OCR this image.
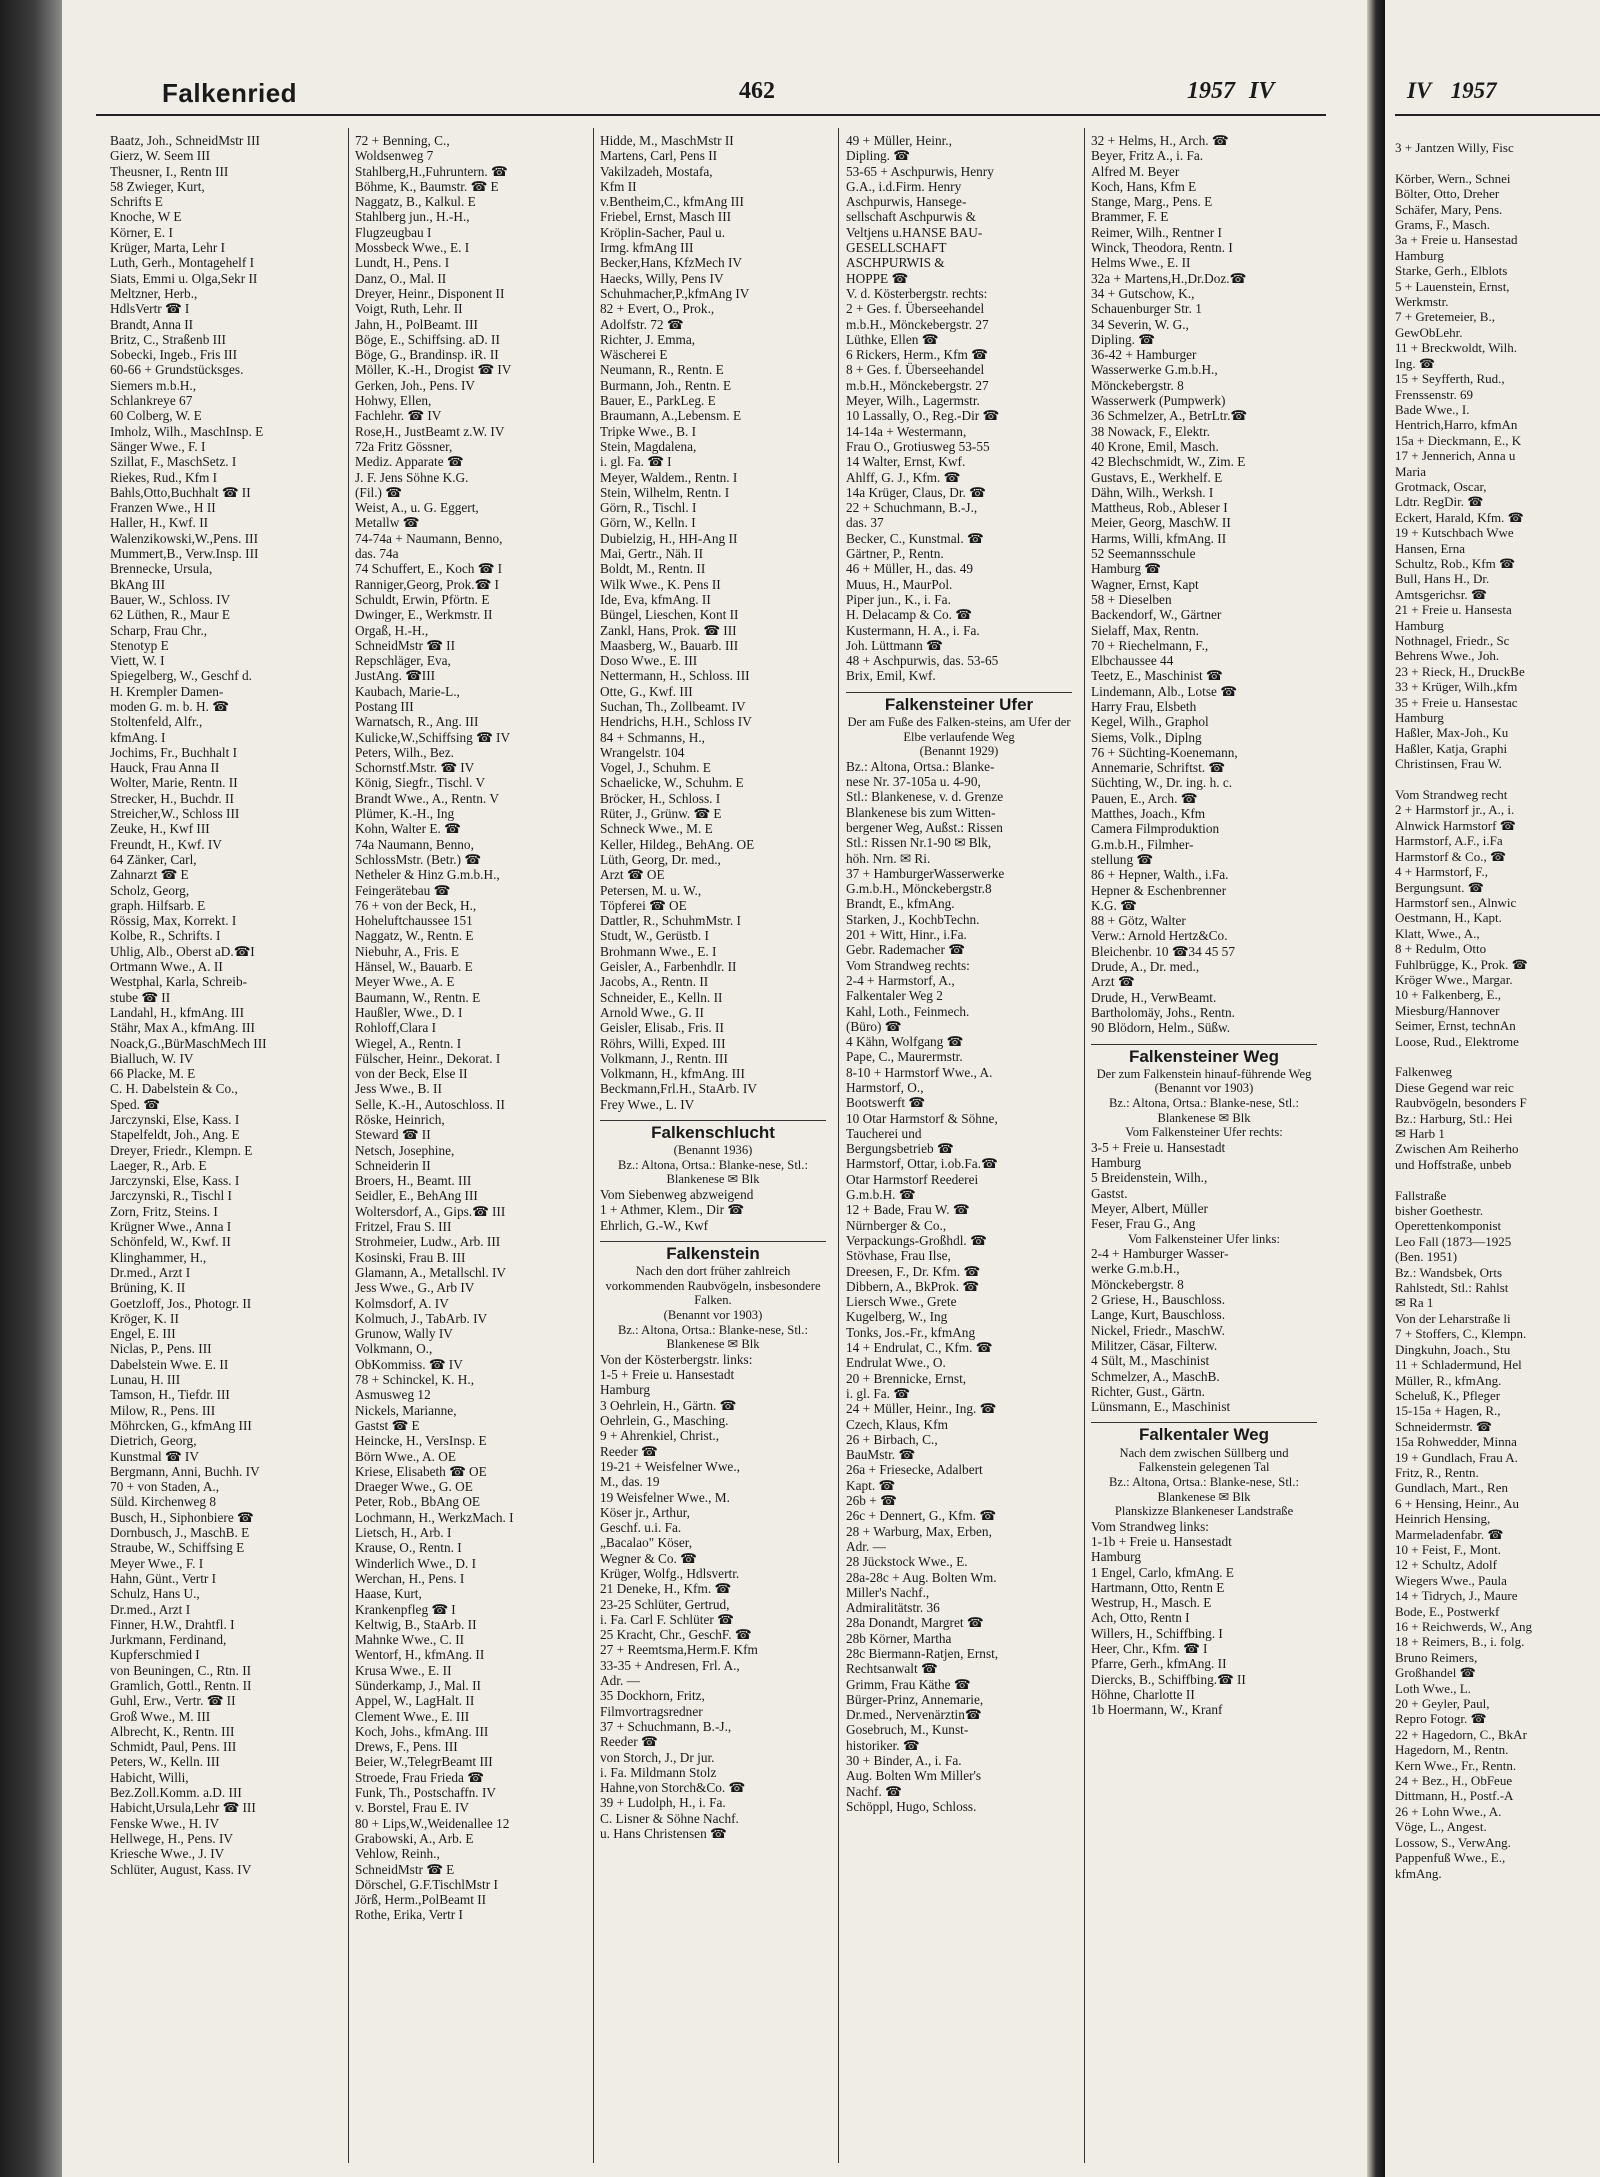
Falkenried	462	1957 IV
Baatz, Joh., SchneidMstr III
Gierz, W. Seem III
Theusner, I., Rentn III
58 Zwieger, Kurt,
Schrifts E
Knoche, W E
Körner, E. I
Krüger, Marta, Lehr I
Luth, Gerh., Montagehelf I
Siats, Emmi u. Olga,Sekr II
Meltzner, Herb.,
HdlsVertr ☎ I
Brandt, Anna II
Britz, C., Straßenb III
Sobecki, Ingeb., Fris III
60-66 + Grundstücksges.
Siemers m.b.H.,
Schlankreye 67
60 Colberg, W. E
Imholz, Wilh., MaschInsp. E
Sänger Wwe., F. I
Szillat, F., MaschSetz. I
Riekes, Rud., Kfm I
Bahls,Otto,Buchhalt ☎ II
Franzen Wwe., H II
Haller, H., Kwf. II
Walenzikowski,W.,Pens. III
Mummert,B., Verw.Insp. III
Brennecke, Ursula,
BkAng III
Bauer, W., Schloss. IV
62 Lüthen, R., Maur E
Scharp, Frau Chr.,
Stenotyp E
Viett, W. I
Spiegelberg, W., Geschf d.
H. Krempler Damen-
moden G. m. b. H. ☎
Stoltenfeld, Alfr.,
kfmAng. I
Jochims, Fr., Buchhalt I
Hauck, Frau Anna II
Wolter, Marie, Rentn. II
Strecker, H., Buchdr. II
Streicher,W., Schloss III
Zeuke, H., Kwf III
Freundt, H., Kwf. IV
64 Zänker, Carl,
Zahnarzt ☎ E
Scholz, Georg,
graph. Hilfsarb. E
Rössig, Max, Korrekt. I
Kolbe, R., Schrifts. I
Uhlig, Alb., Oberst aD.☎I
Ortmann Wwe., A. II
Westphal, Karla, Schreib-
stube ☎ II
Landahl, H., kfmAng. III
Stähr, Max A., kfmAng. III
Noack,G.,BürMaschMech III
Bialluch, W. IV
66 Placke, M. E
C. H. Dabelstein & Co.,
Sped. ☎
Jarczynski, Else, Kass. I
Stapelfeldt, Joh., Ang. E
Dreyer, Friedr., Klempn. E
Laeger, R., Arb. E
Jarczynski, Else, Kass. I
Jarczynski, R., Tischl I
Zorn, Fritz, Steins. I
Krügner Wwe., Anna I
Schönfeld, W., Kwf. II
Klinghammer, H.,
Dr.med., Arzt I
Brüning, K. II
Goetzloff, Jos., Photogr. II
Kröger, K. II
Engel, E. III
Niclas, P., Pens. III
Dabelstein Wwe. E. II
Lunau, H. III
Tamson, H., Tiefdr. III
Milow, R., Pens. III
Möhrcken, G., kfmAng III
Dietrich, Georg,
Kunstmal ☎ IV
Bergmann, Anni, Buchh. IV
70 + von Staden, A.,
Süld. Kirchenweg 8
Busch, H., Siphonbiere ☎
Dornbusch, J., MaschB. E
Straube, W., Schiffsing E
Meyer Wwe., F. I
Hahn, Günt., Vertr I
Schulz, Hans U.,
Dr.med., Arzt I
Finner, H.W., Drahtfl. I
Jurkmann, Ferdinand,
Kupferschmied I
von Beuningen, C., Rtn. II
Gramlich, Gottl., Rentn. II
Guhl, Erw., Vertr. ☎ II
Groß Wwe., M. III
Albrecht, K., Rentn. III
Schmidt, Paul, Pens. III
Peters, W., Kelln. III
Habicht, Willi,
Bez.Zoll.Komm. a.D. III
Habicht,Ursula,Lehr ☎ III
Fenske Wwe., H. IV
Hellwege, H., Pens. IV
Kriesche Wwe., J. IV
Schlüter, August, Kass. IV
72 + Benning, C.,
Woldsenweg 7
Stahlberg,H.,Fuhruntern. ☎
Böhme, K., Baumstr. ☎ E
Naggatz, B., Kalkul. E
Stahlberg jun., H.-H.,
Flugzeugbau I
Mossbeck Wwe., E. I
Lundt, H., Pens. I
Danz, O., Mal. II
Dreyer, Heinr., Disponent II
Voigt, Ruth, Lehr. II
Jahn, H., PolBeamt. III
Böge, E., Schiffsing. aD. II
Böge, G., Brandinsp. iR. II
Möller, K.-H., Drogist ☎ IV
Gerken, Joh., Pens. IV
Hohwy, Ellen,
Fachlehr. ☎ IV
Rose,H., JustBeamt z.W. IV
72a Fritz Gössner,
Mediz. Apparate ☎
J. F. Jens Söhne K.G.
(Fil.) ☎
Weist, A., u. G. Eggert,
Metallw ☎
74-74a + Naumann, Benno,
das. 74a
74 Schuffert, E., Koch ☎ I
Ranniger,Georg, Prok.☎ I
Schuldt, Erwin, Pförtn. E
Dwinger, E., Werkmstr. II
Orgaß, H.-H.,
SchneidMstr ☎ II
Repschläger, Eva,
JustAng. ☎III
Kaubach, Marie-L.,
Postang III
Warnatsch, R., Ang. III
Kulicke,W.,Schiffsing ☎ IV
Peters, Wilh., Bez.
Schornstf.Mstr. ☎ IV
König, Siegfr., Tischl. V
Brandt Wwe., A., Rentn. V
Plümer, K.-H., Ing
Kohn, Walter E. ☎
74a Naumann, Benno,
SchlossMstr. (Betr.) ☎
Netheler & Hinz G.m.b.H.,
Feingerätebau ☎
76 + von der Beck, H.,
Hoheluftchaussee 151
Naggatz, W., Rentn. E
Niebuhr, A., Fris. E
Hänsel, W., Bauarb. E
Meyer Wwe., A. E
Baumann, W., Rentn. E
Haußler, Wwe., D. I
Rohloff,Clara I
Wiegel, A., Rentn. I
Fülscher, Heinr., Dekorat. I
von der Beck, Else II
Jess Wwe., B. II
Selle, K.-H., Autoschloss. II
Röske, Heinrich,
Steward ☎ II
Netsch, Josephine,
Schneiderin II
Broers, H., Beamt. III
Seidler, E., BehAng III
Woltersdorf, A., Gips.☎ III
Fritzel, Frau S. III
Strohmeier, Ludw., Arb. III
Kosinski, Frau B. III
Glamann, A., Metallschl. IV
Jess Wwe., G., Arb IV
Kolmsdorf, A. IV
Kolmuch, J., TabArb. IV
Grunow, Wally IV
Volkmann, O.,
ObKommiss. ☎ IV
78 + Schinckel, K. H.,
Asmusweg 12
Nickels, Marianne,
Gastst ☎ E
Heincke, H., VersInsp. E
Börn Wwe., A. OE
Kriese, Elisabeth ☎ OE
Draeger Wwe., G. OE
Peter, Rob., BbAng OE
Lochmann, H., WerkzMach. I
Lietsch, H., Arb. I
Krause, O., Rentn. I
Winderlich Wwe., D. I
Werchan, H., Pens. I
Haase, Kurt,
Krankenpfleg ☎ I
Keltwig, B., StaArb. II
Mahnke Wwe., C. II
Wentorf, H., kfmAng. II
Krusa Wwe., E. II
Sünderkamp, J., Mal. II
Appel, W., LagHalt. II
Clement Wwe., E. III
Koch, Johs., kfmAng. III
Drews, F., Pens. III
Beier, W.,TelegrBeamt III
Stroede, Frau Frieda ☎
Funk, Th., Postschaffn. IV
v. Borstel, Frau E. IV
80 + Lips,W.,Weidenallee 12
Grabowski, A., Arb. E
Vehlow, Reinh.,
SchneidMstr ☎ E
Dörschel, G.F.TischlMstr I
Jörß, Herm.,PolBeamt II
Rothe, Erika, Vertr I
Hidde, M., MaschMstr II
Martens, Carl, Pens II
Vakilzadeh, Mostafa,
Kfm II
v.Bentheim,C., kfmAng III
Friebel, Ernst, Masch III
Kröplin-Sacher, Paul u.
Irmg. kfmAng III
Becker,Hans, KfzMech IV
Haecks, Willy, Pens IV
Schuhmacher,P.,kfmAng IV
82 + Evert, O., Prok.,
Adolfstr. 72 ☎
Richter, J. Emma,
Wäscherei E
Neumann, R., Rentn. E
Burmann, Joh., Rentn. E
Bauer, E., ParkLeg. E
Braumann, A.,Lebensm. E
Tripke Wwe., B. I
Stein, Magdalena,
i. gl. Fa. ☎ I
Meyer, Waldem., Rentn. I
Stein, Wilhelm, Rentn. I
Görn, R., Tischl. I
Görn, W., Kelln. I
Dubielzig, H., HH-Ang II
Mai, Gertr., Näh. II
Boldt, M., Rentn. II
Wilk Wwe., K. Pens II
Ide, Eva, kfmAng. II
Büngel, Lieschen, Kont II
Zankl, Hans, Prok. ☎ III
Maasberg, W., Bauarb. III
Doso Wwe., E. III
Nettermann, H., Schloss. III
Otte, G., Kwf. III
Suchan, Th., Zollbeamt. IV
Hendrichs, H.H., Schloss IV
84 + Schmanns, H.,
Wrangelstr. 104
Vogel, J., Schuhm. E
Schaelicke, W., Schuhm. E
Bröcker, H., Schloss. I
Rüter, J., Grünw. ☎ E
Schneck Wwe., M. E
Keller, Hildeg., BehAng. OE
Lüth, Georg, Dr. med.,
Arzt ☎ OE
Petersen, M. u. W.,
Töpferei ☎ OE
Dattler, R., SchuhmMstr. I
Studt, W., Gerüstb. I
Brohmann Wwe., E. I
Geisler, A., Farbenhdlr. II
Jacobs, A., Rentn. II
Schneider, E., Kelln. II
Arnold Wwe., G. II
Geisler, Elisab., Fris. II
Röhrs, Willi, Exped. III
Volkmann, J., Rentn. III
Volkmann, H., kfmAng. III
Beckmann,Frl.H., StaArb. IV
Frey Wwe., L. IV
Falkenschlucht
(Benannt 1936)
Bz.: Altona, Ortsa.: Blanke-nese, Stl.: Blankenese ✉ Blk
Vom Siebenweg abzweigend
1 + Athmer, Klem., Dir ☎
Ehrlich, G.-W., Kwf
Falkenstein
Nach den dort früher zahlreich vorkommenden Raubvögeln, insbesondere Falken.
(Benannt vor 1903)
Bz.: Altona, Ortsa.: Blanke-nese, Stl.: Blankenese ✉ Blk
Von der Kösterbergstr. links:
1-5 + Freie u. Hansestadt
Hamburg
3 Oehrlein, H., Gärtn. ☎
Oehrlein, G., Masching.
9 + Ahrenkiel, Christ.,
Reeder ☎
19-21 + Weisfelner Wwe.,
M., das. 19
19 Weisfelner Wwe., M.
Köser jr., Arthur,
Geschf. u.i. Fa.
„Bacalao" Köser,
Wegner & Co. ☎
Krüger, Wolfg., Hdlsvertr.
21 Deneke, H., Kfm. ☎
23-25 Schlüter, Gertrud,
i. Fa. Carl F. Schlüter ☎
25 Kracht, Chr., GeschF. ☎
27 + Reemtsma,Herm.F. Kfm
33-35 + Andresen, Frl. A.,
Adr. —
35 Dockhorn, Fritz,
Filmvortragsredner
37 + Schuchmann, B.-J.,
Reeder ☎
von Storch, J., Dr jur.
i. Fa. Mildmann Stolz
Hahne,von Storch&Co. ☎
39 + Ludolph, H., i. Fa.
C. Lisner & Söhne Nachf.
u. Hans Christensen ☎
49 + Müller, Heinr.,
Dipling. ☎
53-65 + Aschpurwis, Henry
G.A., i.d.Firm. Henry
Aschpurwis, Hansege-
sellschaft Aschpurwis &
Veltjens u.HANSE BAU-
GESELLSCHAFT
ASCHPURWIS &
HOPPE ☎
V. d. Kösterbergstr. rechts:
2 + Ges. f. Überseehandel
m.b.H., Mönckebergstr. 27
Lüthke, Ellen ☎
6 Rickers, Herm., Kfm ☎
8 + Ges. f. Überseehandel
m.b.H., Mönckebergstr. 27
Meyer, Wilh., Lagermstr.
10 Lassally, O., Reg.-Dir ☎
14-14a + Westermann,
Frau O., Grotiusweg 53-55
14 Walter, Ernst, Kwf.
Ahlff, G. J., Kfm. ☎
14a Krüger, Claus, Dr. ☎
22 + Schuchmann, B.-J.,
das. 37
Becker, C., Kunstmal. ☎
Gärtner, P., Rentn.
46 + Müller, H., das. 49
Muus, H., MaurPol.
Piper jun., K., i. Fa.
H. Delacamp & Co. ☎
Kustermann, H. A., i. Fa.
Joh. Lüttmann ☎
48 + Aschpurwis, das. 53-65
Brix, Emil, Kwf.
Falkensteiner Ufer
Der am Fuße des Falken-steins, am Ufer der Elbe verlaufende Weg
(Benannt 1929)
Bz.: Altona, Ortsa.: Blanke-
nese Nr. 37-105a u. 4-90,
Stl.: Blankenese, v. d. Grenze
Blankenese bis zum Witten-
bergener Weg, Außst.: Rissen
Stl.: Rissen Nr.1-90 ✉ Blk,
höh. Nrn. ✉ Ri.
37 + HamburgerWasserwerke
G.m.b.H., Mönckebergstr.8
Brandt, E., kfmAng.
Starken, J., KochbTechn.
201 + Witt, Hinr., i.Fa.
Gebr. Rademacher ☎
Vom Strandweg rechts:
2-4 + Harmstorf, A.,
Falkentaler Weg 2
Kahl, Loth., Feinmech.
(Büro) ☎
4 Kähn, Wolfgang ☎
Pape, C., Maurermstr.
8-10 + Harmstorf Wwe., A.
Harmstorf, O.,
Bootswerft ☎
10 Otar Harmstorf & Söhne,
Taucherei und
Bergungsbetrieb ☎
Harmstorf, Ottar, i.ob.Fa.☎
Otar Harmstorf Reederei
G.m.b.H. ☎
12 + Bade, Frau W. ☎
Nürnberger & Co.,
Verpackungs-Großhdl. ☎
Stövhase, Frau Ilse,
Dreesen, F., Dr. Kfm. ☎
Dibbern, A., BkProk. ☎
Liersch Wwe., Grete
Kugelberg, W., Ing
Tonks, Jos.-Fr., kfmAng
14 + Endrulat, C., Kfm. ☎
Endrulat Wwe., O.
20 + Brennicke, Ernst,
i. gl. Fa. ☎
24 + Müller, Heinr., Ing. ☎
Czech, Klaus, Kfm
26 + Birbach, C.,
BauMstr. ☎
26a + Friesecke, Adalbert
Kapt. ☎
26b + ☎
26c + Dennert, G., Kfm. ☎
28 + Warburg, Max, Erben,
Adr. —
28 Jückstock Wwe., E.
28a-28c + Aug. Bolten Wm.
Miller's Nachf.,
Admiralitätstr. 36
28a Donandt, Margret ☎
28b Körner, Martha
28c Biermann-Ratjen, Ernst,
Rechtsanwalt ☎
Grimm, Frau Käthe ☎
Bürger-Prinz, Annemarie,
Dr.med., Nervenärztin☎
Gosebruch, M., Kunst-
historiker. ☎
30 + Binder, A., i. Fa.
Aug. Bolten Wm Miller's
Nachf. ☎
Schöppl, Hugo, Schloss.
32 + Helms, H., Arch. ☎
Beyer, Fritz A., i. Fa.
Alfred M. Beyer
Koch, Hans, Kfm E
Stange, Marg., Pens. E
Brammer, F. E
Reimer, Wilh., Rentner I
Winck, Theodora, Rentn. I
Helms Wwe., E. II
32a + Martens,H.,Dr.Doz.☎
34 + Gutschow, K.,
Schauenburger Str. 1
34 Severin, W. G.,
Dipling. ☎
36-42 + Hamburger
Wasserwerke G.m.b.H.,
Mönckebergstr. 8
Wasserwerk (Pumpwerk)
36 Schmelzer, A., BetrLtr.☎
38 Nowack, F., Elektr.
40 Krone, Emil, Masch.
42 Blechschmidt, W., Zim. E
Gustavs, E., Werkhelf. E
Dähn, Wilh., Werksh. I
Mattheus, Rob., Ableser I
Meier, Georg, MaschW. II
Harms, Willi, kfmAng. II
52 Seemannsschule
Hamburg ☎
Wagner, Ernst, Kapt
58 + Dieselben
Backendorf, W., Gärtner
Sielaff, Max, Rentn.
70 + Riechelmann, F.,
Elbchaussee 44
Teetz, E., Maschinist ☎
Lindemann, Alb., Lotse ☎
Harry Frau, Elsbeth
Kegel, Wilh., Graphol
Siems, Volk., Diplng
76 + Süchting-Koenemann,
Annemarie, Schriftst. ☎
Süchting, W., Dr. ing. h. c.
Pauen, E., Arch. ☎
Matthes, Joach., Kfm
Camera Filmproduktion
G.m.b.H., Filmher-
stellung ☎
86 + Hepner, Walth., i.Fa.
Hepner & Eschenbrenner
K.G. ☎
88 + Götz, Walter
Verw.: Arnold Hertz&Co.
Bleichenbr. 10 ☎34 45 57
Drude, A., Dr. med.,
Arzt ☎
Drude, H., VerwBeamt.
Bartholomäy, Johs., Rentn.
90 Blödorn, Helm., Süßw.
Falkensteiner Weg
Der zum Falkenstein hinauf-führende Weg
(Benannt vor 1903)
Bz.: Altona, Ortsa.: Blanke-nese, Stl.: Blankenese ✉ Blk
Vom Falkensteiner Ufer rechts:
3-5 + Freie u. Hansestadt
Hamburg
5 Breidenstein, Wilh.,
Gastst.
Meyer, Albert, Müller
Feser, Frau G., Ang
Vom Falkensteiner Ufer links:
2-4 + Hamburger Wasser-
werke G.m.b.H.,
Mönckebergstr. 8
2 Griese, H., Bauschloss.
Lange, Kurt, Bauschloss.
Nickel, Friedr., MaschW.
Militzer, Cäsar, Filterw.
4 Sült, M., Maschinist
Schmelzer, A., MaschB.
Richter, Gust., Gärtn.
Lünsmann, E., Maschinist
Falkentaler Weg
Nach dem zwischen Süllberg und Falkenstein gelegenen Tal
Bz.: Altona, Ortsa.: Blanke-nese, Stl.: Blankenese ✉ Blk
Planskizze Blankeneser Landstraße
Vom Strandweg links:
1-1b + Freie u. Hansestadt
Hamburg
1 Engel, Carlo, kfmAng. E
Hartmann, Otto, Rentn E
Westrup, H., Masch. E
Ach, Otto, Rentn I
Willers, H., Schiffbing. I
Heer, Chr., Kfm. ☎ I
Pfarre, Gerh., kfmAng. II
Diercks, B., Schiffbing.☎ II
Höhne, Charlotte II
1b Hoermann, W., Kranf
IV 1957
3 + Jantzen Willy, Fisc

Körber, Wern., Schnei
Bölter, Otto, Dreher
Schäfer, Mary, Pens.
Grams, F., Masch.
3a + Freie u. Hansestad
Hamburg
Starke, Gerh., Elblots
5 + Lauenstein, Ernst,
Werkmstr.
7 + Gretemeier, B.,
GewObLehr.
11 + Breckwoldt, Wilh.
Ing. ☎
15 + Seyfferth, Rud.,
Frenssenstr. 69
Bade Wwe., I.
Hentrich,Harro, kfmAn
15a + Dieckmann, E., K
17 + Jennerich, Anna u
Maria
Grotmack, Oscar,
Ldtr. RegDir. ☎
Eckert, Harald, Kfm. ☎
19 + Kutschbach Wwe
Hansen, Erna
Schultz, Rob., Kfm ☎
Bull, Hans H., Dr.
Amtsgerichsr. ☎
21 + Freie u. Hansesta
Hamburg
Nothnagel, Friedr., Sc
Behrens Wwe., Joh.
23 + Rieck, H., DruckBe
33 + Krüger, Wilh.,kfm
35 + Freie u. Hansestac
Hamburg
Haßler, Max-Joh., Ku
Haßler, Katja, Graphi
Christinsen, Frau W.

Vom Strandweg recht
2 + Harmstorf jr., A., i.
Alnwick Harmstorf ☎
Harmstorf, A.F., i.Fa
Harmstorf & Co., ☎
4 + Harmstorf, F.,
Bergungsunt. ☎
Harmstorf sen., Alnwic
Oestmann, H., Kapt.
Klatt, Wwe., A.,
8 + Redulm, Otto
Fuhlbrügge, K., Prok. ☎
Kröger Wwe., Margar.
10 + Falkenberg, E.,
Miesburg/Hannover
Seimer, Ernst, technAn
Loose, Rud., Elektrome

Falkenweg
Diese Gegend war reic
Raubvögeln, besonders F
Bz.: Harburg, Stl.: Hei
✉ Harb 1
Zwischen Am Reiherho
und Hoffstraße, unbeb

Fallstraße
bisher Goethestr.
Operettenkomponist
Leo Fall (1873—1925
(Ben. 1951)
Bz.: Wandsbek, Orts
Rahlstedt, Stl.: Rahlst
✉ Ra 1
Von der Leharstraße li
7 + Stoffers, C., Klempn.
Dingkuhn, Joach., Stu
11 + Schladermund, Hel
Müller, R., kfmAng.
Scheluß, K., Pfleger
15-15a + Hagen, R.,
Schneidermstr. ☎
15a Rohwedder, Minna
19 + Gundlach, Frau A.
Fritz, R., Rentn.
Gundlach, Mart., Ren
6 + Hensing, Heinr., Au
Heinrich Hensing,
Marmeladenfabr. ☎
10 + Feist, F., Mont.
12 + Schultz, Adolf
Wiegers Wwe., Paula
14 + Tidrych, J., Maure
Bode, E., Postwerkf
16 + Reichwerds, W., Ang
18 + Reimers, B., i. folg.
Bruno Reimers,
Großhandel ☎
Loth Wwe., L.
20 + Geyler, Paul,
Repro Fotogr. ☎
22 + Hagedorn, C., BkAr
Hagedorn, M., Rentn.
Kern Wwe., Fr., Rentn.
24 + Bez., H., ObFeue
Dittmann, H., Postf.-A
26 + Lohn Wwe., A.
Vöge, L., Angest.
Lossow, S., VerwAng.
Pappenfuß Wwe., E.,
kfmAng.
